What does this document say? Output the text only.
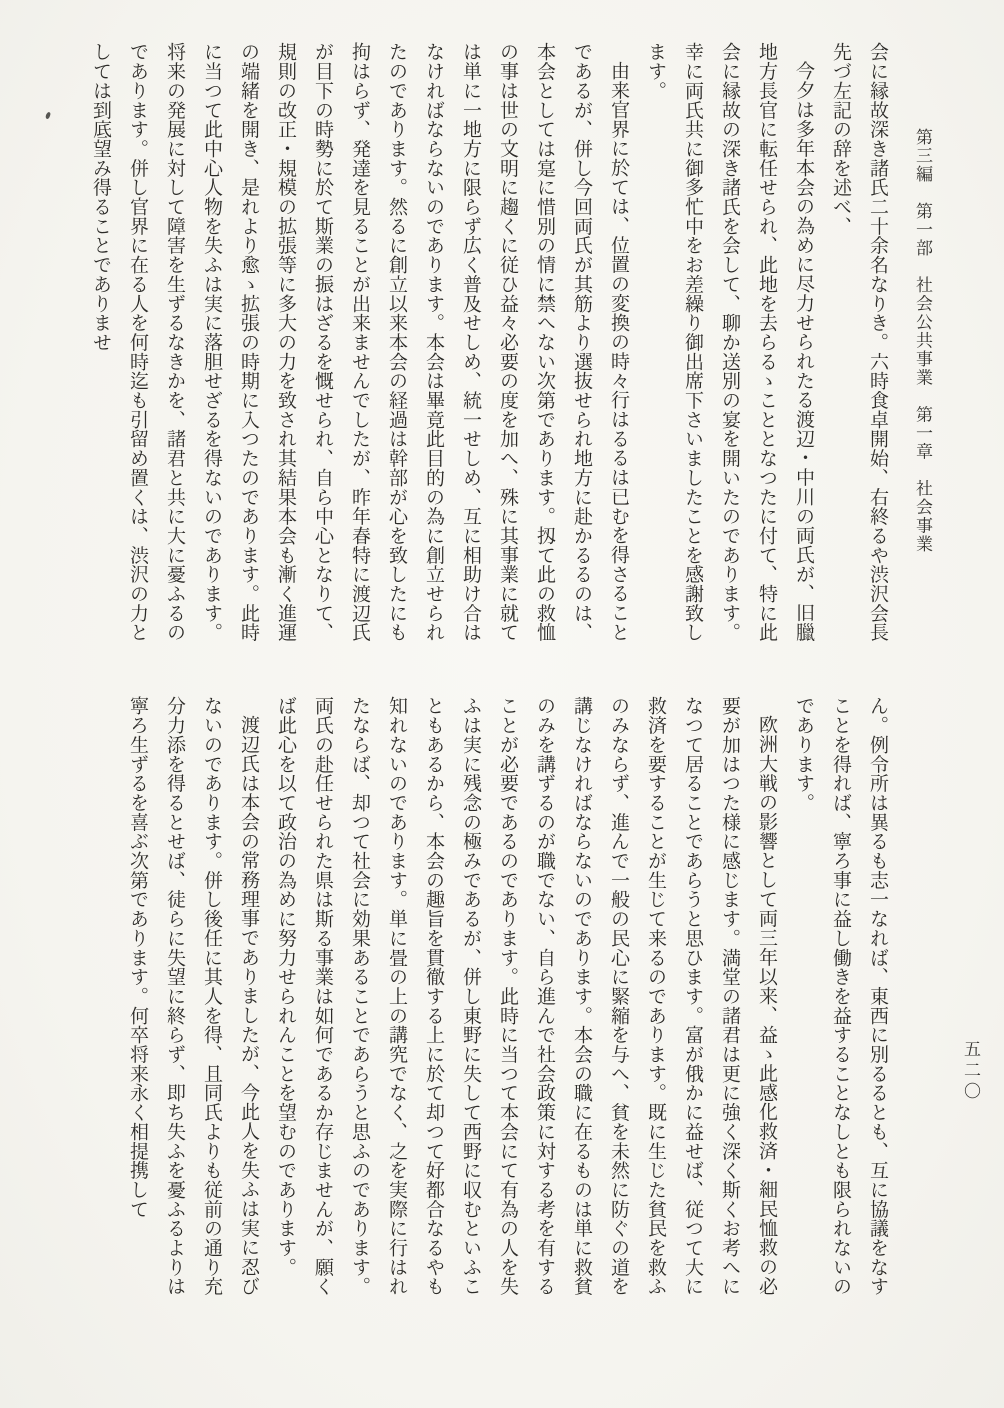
第三編　第一部　社会公共事業　第一章　社会事業
五二〇

会に縁故深き諸氏二十余名なりき。六時食卓開始、右終るや渋沢会長先づ左記の辞を述べ、

今夕は多年本会の為めに尽力せられたる渡辺・中川の両氏が、旧臘地方長官に転任せられ、此地を去らるゝこととなつたに付て、特に此会に縁故の深き諸氏を会して、聊か送別の宴を開いたのであります。幸に両氏共に御多忙中をお差繰り御出席下さいましたことを感謝致します。

由来官界に於ては、位置の変換の時々行はるるは已むを得さることであるが、併し今回両氏が其筋より選抜せられ地方に赴かるるのは、本会としては寔に惜別の情に禁へない次第であります。扨て此の救恤の事は世の文明に趨くに従ひ益々必要の度を加へ、殊に其事業に就ては単に一地方に限らず広く普及せしめ、統一せしめ、互に相助け合はなければならないのであります。本会は畢竟此目的の為に創立せられたのであります。然るに創立以来本会の経過は幹部が心を致したにも拘はらず、発達を見ることが出来ませんでしたが、昨年春特に渡辺氏が目下の時勢に於て斯業の振はざるを慨せられ、自ら中心となりて、規則の改正・規模の拡張等に多大の力を致され其結果本会も漸く進運の端緒を開き、是れより愈ゝ拡張の時期に入つたのであります。此時に当つて此中心人物を失ふは実に落胆せざるを得ないのであります。将来の発展に対して障害を生ずるなきかを、諸君と共に大に憂ふるのであります。併し官界に在る人を何時迄も引留め置くは、渋沢の力としては到底望み得ることでありませ

ん。例令所は異るも志一なれば、東西に別るるとも、互に協議をなすことを得れば、寧ろ事に益し働きを益することなしとも限られないのであります。

欧洲大戦の影響として両三年以来、益ゝ此感化救済・細民恤救の必要が加はつた様に感じます。満堂の諸君は更に強く深く斯くお考へになつて居ることであらうと思ひます。富が俄かに益せば、従つて大に救済を要することが生じて来るのであります。既に生じた貧民を救ふのみならず、進んで一般の民心に緊縮を与へ、貧を未然に防ぐの道を講じなければならないのであります。本会の職に在るものは単に救貧のみを講ずるのが職でない、自ら進んで社会政策に対する考を有することが必要であるのであります。此時に当つて本会にて有為の人を失ふは実に残念の極みであるが、併し東野に失して西野に収むといふこともあるから、本会の趣旨を貫徹する上に於て却つて好都合なるやも知れないのであります。単に畳の上の講究でなく、之を実際に行はれたならば、却つて社会に効果あることであらうと思ふのであります。両氏の赴任せられた県は斯る事業は如何であるか存じませんが、願くば此心を以て政治の為めに努力せられんことを望むのであります。

渡辺氏は本会の常務理事でありましたが、今此人を失ふは実に忍びないのであります。併し後任に其人を得、且同氏よりも従前の通り充分力添を得るとせば、徒らに失望に終らず、即ち失ふを憂ふるよりは寧ろ生ずるを喜ぶ次第であります。何卒将来永く相提携して
